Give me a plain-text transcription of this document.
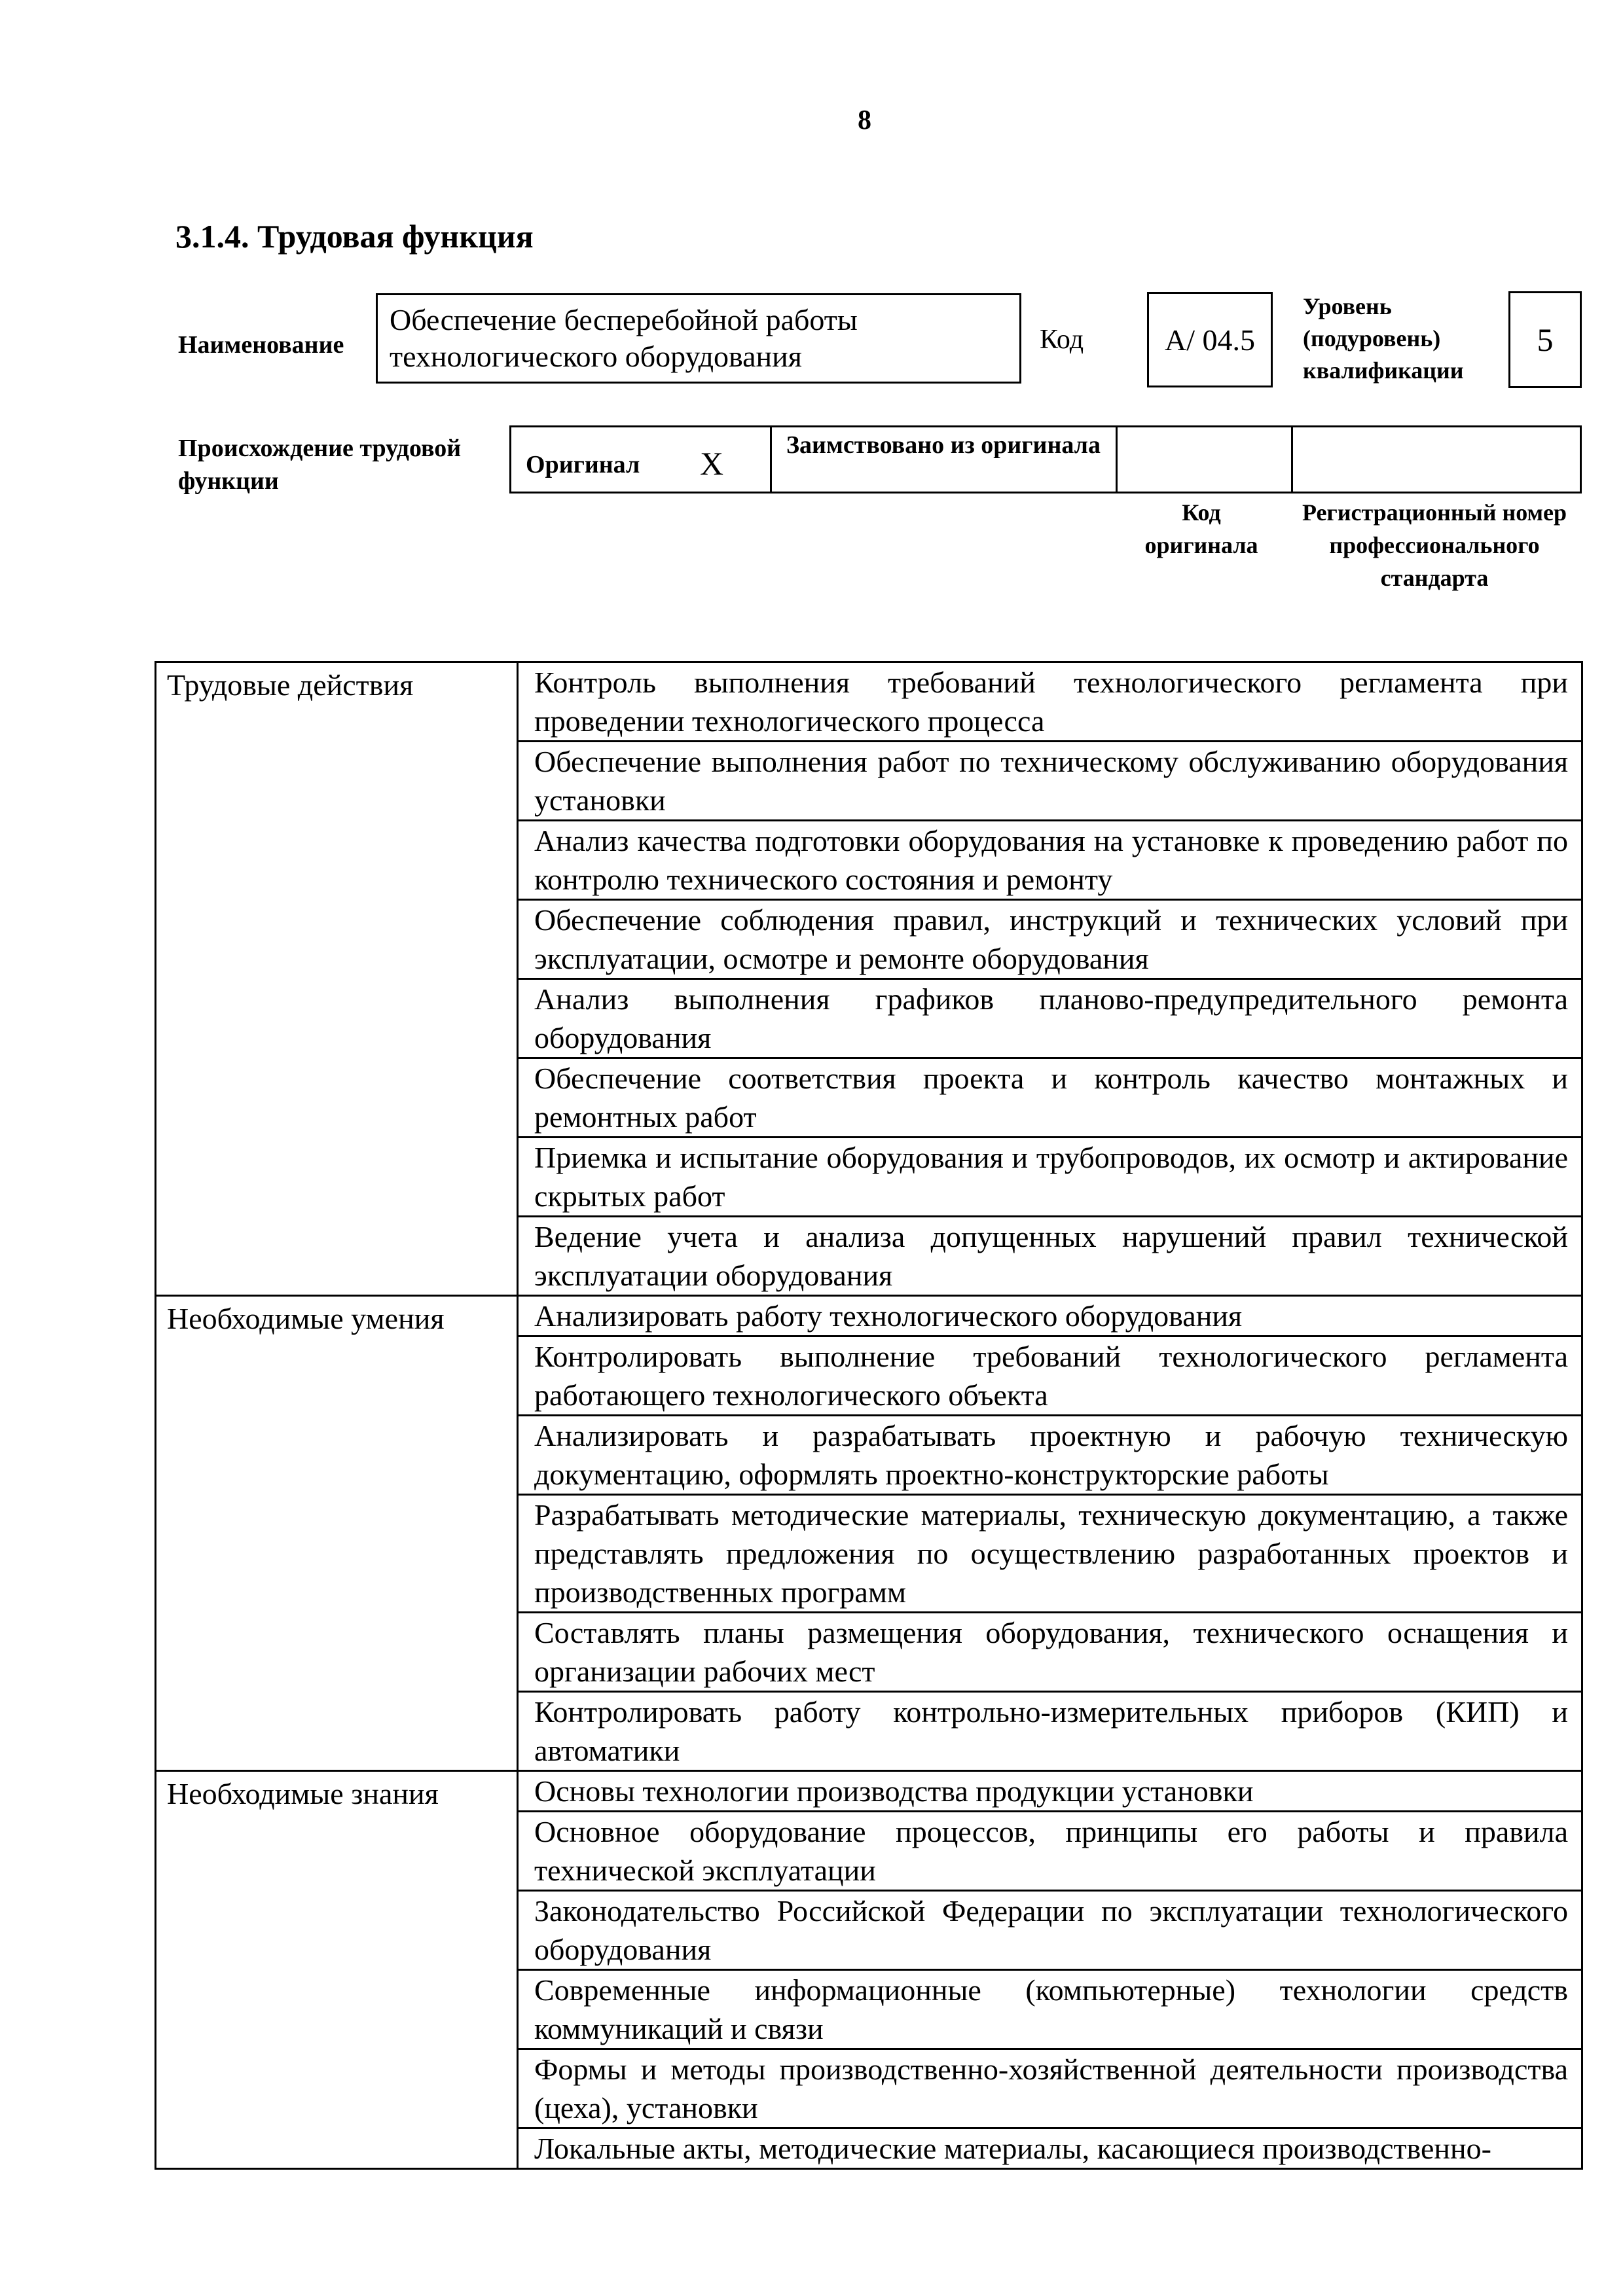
8
3.1.4. Трудовая функция
Наименование
Обеспечение бесперебойной работы технологического оборудования	Код	А/ 04.5
Уровень (подуровень) квалификации
5
Происхождение трудовой функции
Оригинал X	Заимствовано из оригинала
Код оригинала
Регистрационный номер профессионального стандарта
Трудовые действия	Контроль выполнения требований технологического регламента при проведении технологического процесса
	Обеспечение выполнения работ по техническому обслуживанию оборудования установки
	Анализ качества подготовки оборудования на установке к проведению работ по контролю технического состояния и ремонту
	Обеспечение соблюдения правил, инструкций и технических условий при эксплуатации, осмотре и ремонте оборудования
	Анализ выполнения графиков планово-предупредительного ремонта оборудования
	Обеспечение соответствия проекта и контроль качество монтажных и ремонтных работ
	Приемка и испытание оборудования и трубопроводов, их осмотр и актирование скрытых работ
	Ведение учета и анализа допущенных нарушений правил технической эксплуатации оборудования
Необходимые умения	Анализировать работу технологического оборудования
	Контролировать выполнение требований технологического регламента работающего технологического объекта
	Анализировать и разрабатывать проектную и рабочую техническую документацию, оформлять проектно-конструкторские работы
	Разрабатывать методические материалы, техническую документацию, а также представлять предложения по осуществлению разработанных проектов и производственных программ
	Составлять планы размещения оборудования, технического оснащения и организации рабочих мест
	Контролировать работу контрольно-измерительных приборов (КИП) и автоматики
Необходимые знания	Основы технологии производства продукции установки
	Основное оборудование процессов, принципы его работы и правила технической эксплуатации
	Законодательство Российской Федерации по эксплуатации технологического оборудования
	Современные информационные (компьютерные) технологии средств коммуникаций и связи
	Формы и методы производственно-хозяйственной деятельности производства (цеха), установки
	Локальные акты, методические материалы, касающиеся производственно-
